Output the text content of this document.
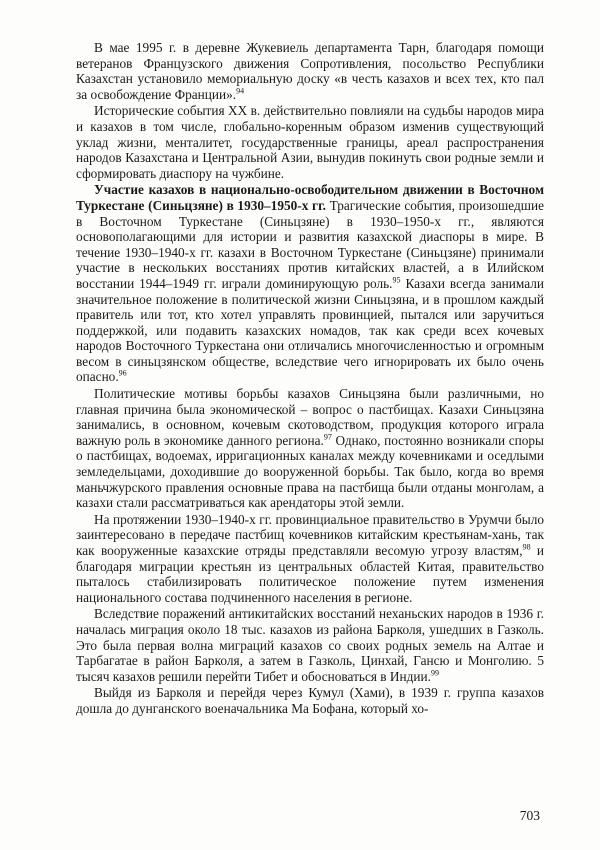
В мае 1995 г. в деревне Жукевиель департамента Тарн, благодаря помощи ветеранов Французского движения Сопротивления, посольство Республики Казахстан установило мемориальную доску «в честь казахов и всех тех, кто пал за освобождение Франции».$^{94}$

Исторические события XX в. действительно повлияли на судьбы народов мира и казахов в том числе, глобально-коренным образом изменив существующий уклад жизни, менталитет, государственные границы, ареал распространения народов Казахстана и Центральной Азии, вынудив покинуть свои родные земли и сформировать диаспору на чужбине.

Участие казахов в национально-освободительном движении в Восточном Туркестане (Синьцзяне) в 1930–1950-х гг. Трагические события, произошедшие в Восточном Туркестане (Синьцзяне) в 1930–1950-х гг., являются основополагающими для истории и развития казахской диаспоры в мире. В течение 1930–1940-х гг. казахи в Восточном Туркестане (Синьцзяне) принимали участие в нескольких восстаниях против китайских властей, а в Илийском восстании 1944–1949 гг. играли доминирующую роль.$^{95}$ Казахи всегда занимали значительное положение в политической жизни Синьцзяна, и в прошлом каждый правитель или тот, кто хотел управлять провинцией, пытался или заручиться поддержкой, или подавить казахских номадов, так как среди всех кочевых народов Восточного Туркестана они отличались многочисленностью и огромным весом в синьцзянском обществе, вследствие чего игнорировать их было очень опасно.$^{96}$

Политические мотивы борьбы казахов Синьцзяна были различными, но главная причина была экономической – вопрос о пастбищах. Казахи Синьцзяна занимались, в основном, кочевым скотоводством, продукция которого играла важную роль в экономике данного региона.$^{97}$ Однако, постоянно возникали споры о пастбищах, водоемах, ирригационных каналах между кочевниками и оседлыми земледельцами, доходившие до вооруженной борьбы. Так было, когда во время маньчжурского правления основные права на пастбища были отданы монголам, а казахи стали рассматриваться как арендаторы этой земли.

На протяжении 1930–1940-х гг. провинциальное правительство в Урумчи было заинтересовано в передаче пастбищ кочевников китайским крестьянам-хань, так как вооруженные казахские отряды представляли весомую угрозу властям,$^{98}$ и благодаря миграции крестьян из центральных областей Китая, правительство пыталось стабилизировать политическое положение путем изменения национального состава подчиненного населения в регионе.

Вследствие поражений антикитайских восстаний неханьских народов в 1936 г. началась миграция около 18 тыс. казахов из района Барколя, ушедших в Газколь. Это была первая волна миграций казахов со своих родных земель на Алтае и Тарбагатае в район Барколя, а затем в Газколь, Цинхай, Гансю и Монголию. 5 тысяч казахов решили перейти Тибет и обосноваться в Индии.$^{99}$

Выйдя из Барколя и перейдя через Кумул (Хами), в 1939 г. группа казахов дошла до дунганского военачальника Ма Бофана, который хо-

703
